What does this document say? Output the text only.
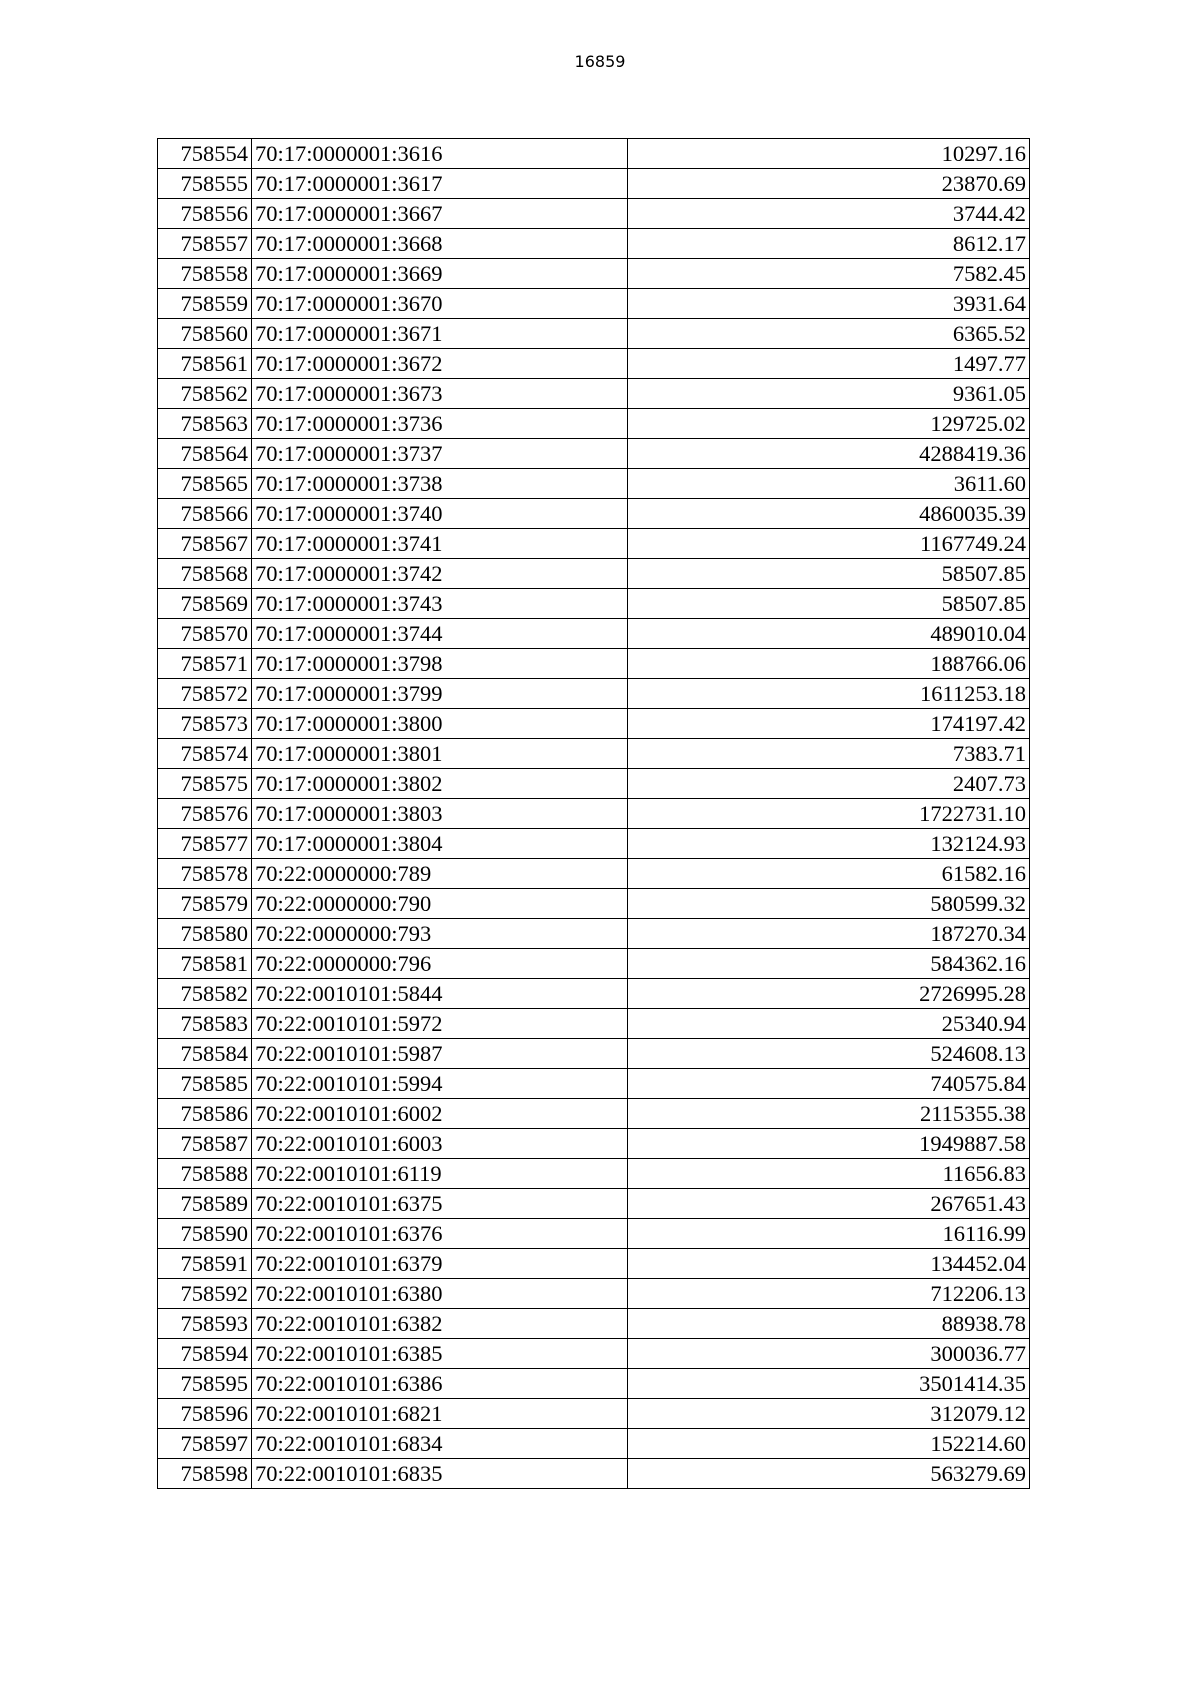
16859
758554	70:17:0000001:3616	10297.16
758555	70:17:0000001:3617	23870.69
758556	70:17:0000001:3667	3744.42
758557	70:17:0000001:3668	8612.17
758558	70:17:0000001:3669	7582.45
758559	70:17:0000001:3670	3931.64
758560	70:17:0000001:3671	6365.52
758561	70:17:0000001:3672	1497.77
758562	70:17:0000001:3673	9361.05
758563	70:17:0000001:3736	129725.02
758564	70:17:0000001:3737	4288419.36
758565	70:17:0000001:3738	3611.60
758566	70:17:0000001:3740	4860035.39
758567	70:17:0000001:3741	1167749.24
758568	70:17:0000001:3742	58507.85
758569	70:17:0000001:3743	58507.85
758570	70:17:0000001:3744	489010.04
758571	70:17:0000001:3798	188766.06
758572	70:17:0000001:3799	1611253.18
758573	70:17:0000001:3800	174197.42
758574	70:17:0000001:3801	7383.71
758575	70:17:0000001:3802	2407.73
758576	70:17:0000001:3803	1722731.10
758577	70:17:0000001:3804	132124.93
758578	70:22:0000000:789	61582.16
758579	70:22:0000000:790	580599.32
758580	70:22:0000000:793	187270.34
758581	70:22:0000000:796	584362.16
758582	70:22:0010101:5844	2726995.28
758583	70:22:0010101:5972	25340.94
758584	70:22:0010101:5987	524608.13
758585	70:22:0010101:5994	740575.84
758586	70:22:0010101:6002	2115355.38
758587	70:22:0010101:6003	1949887.58
758588	70:22:0010101:6119	11656.83
758589	70:22:0010101:6375	267651.43
758590	70:22:0010101:6376	16116.99
758591	70:22:0010101:6379	134452.04
758592	70:22:0010101:6380	712206.13
758593	70:22:0010101:6382	88938.78
758594	70:22:0010101:6385	300036.77
758595	70:22:0010101:6386	3501414.35
758596	70:22:0010101:6821	312079.12
758597	70:22:0010101:6834	152214.60
758598	70:22:0010101:6835	563279.69
